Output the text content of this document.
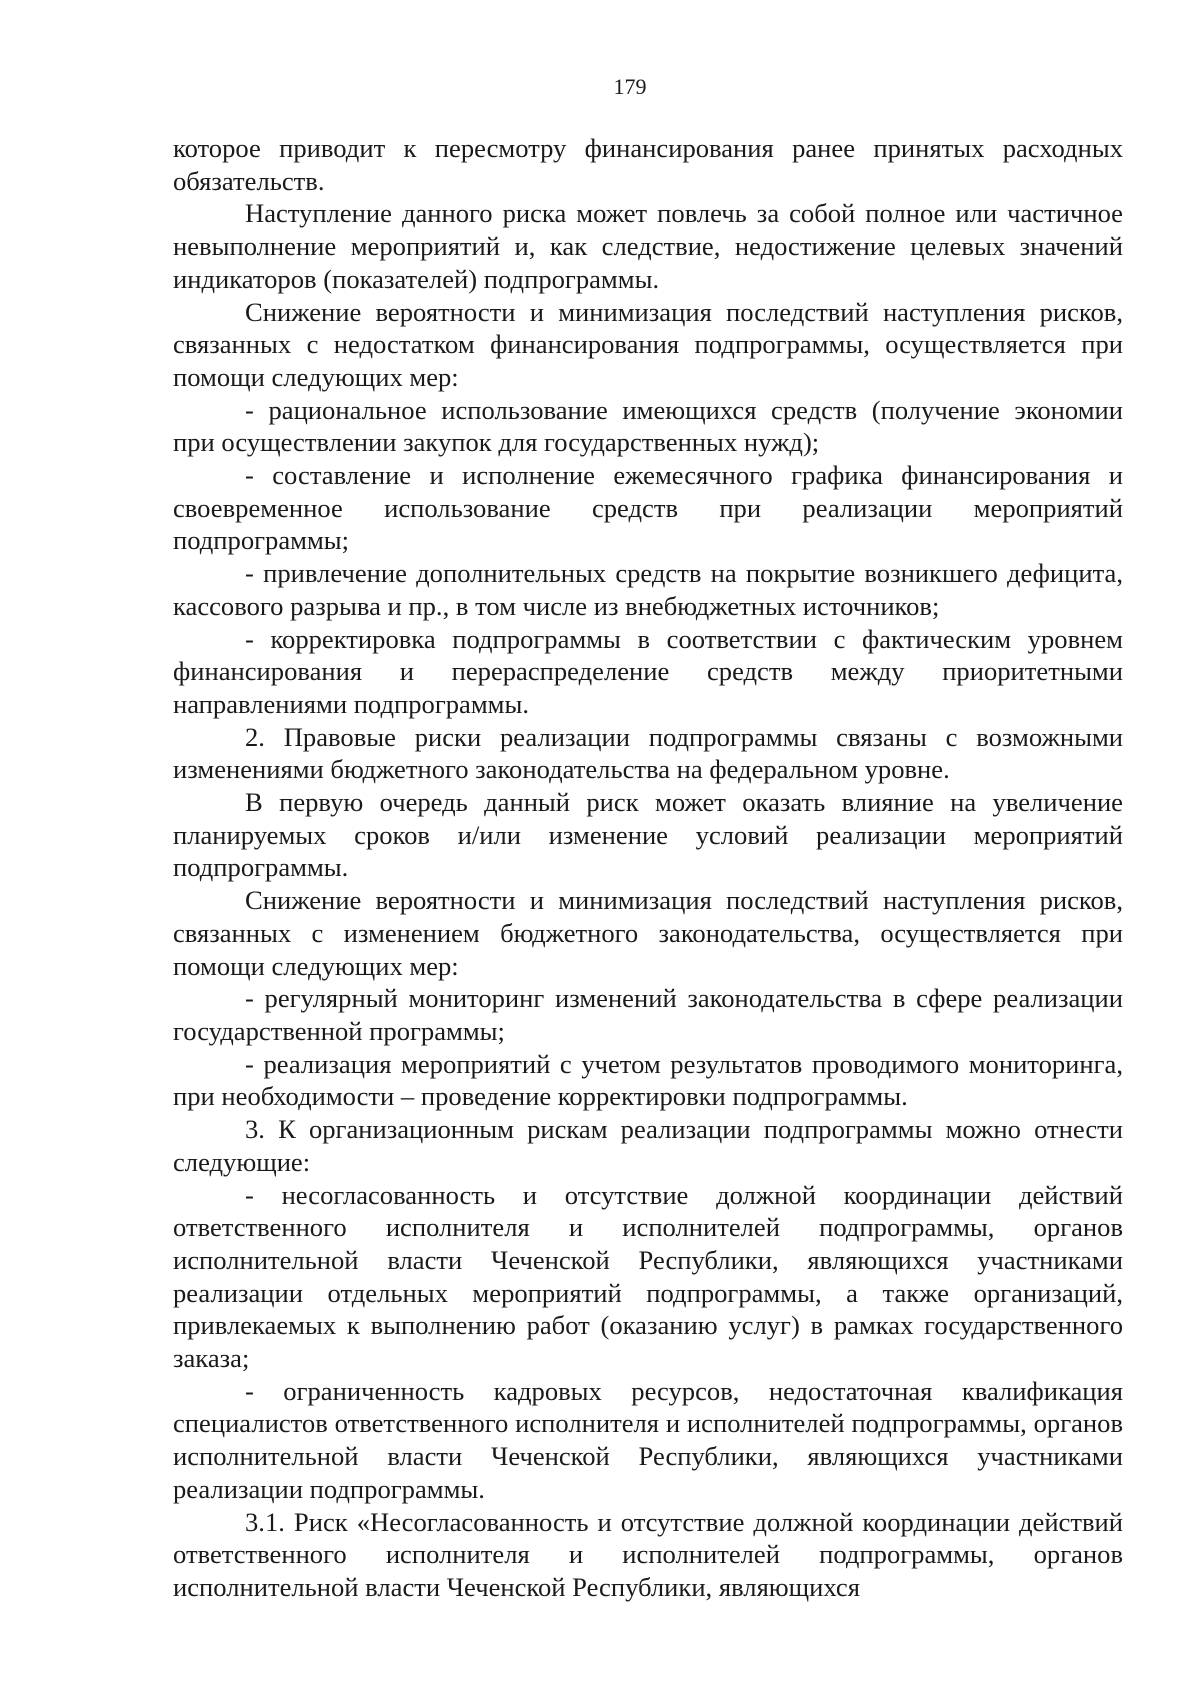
179

которое приводит к пересмотру финансирования ранее принятых расходных обязательств.

Наступление данного риска может повлечь за собой полное или частичное невыполнение мероприятий и, как следствие, недостижение целевых значений индикаторов (показателей) подпрограммы.

Снижение вероятности и минимизация последствий наступления рисков, связанных с недостатком финансирования подпрограммы, осуществляется при помощи следующих мер:

- рациональное использование имеющихся средств (получение экономии при осуществлении закупок для государственных нужд);

- составление и исполнение ежемесячного графика финансирования и своевременное использование средств при реализации мероприятий подпрограммы;

- привлечение дополнительных средств на покрытие возникшего дефицита, кассового разрыва и пр., в том числе из внебюджетных источников;

- корректировка подпрограммы в соответствии с фактическим уровнем финансирования и перераспределение средств между приоритетными направлениями подпрограммы.

2. Правовые риски реализации подпрограммы связаны с возможными изменениями бюджетного законодательства на федеральном уровне.

В первую очередь данный риск может оказать влияние на увеличение планируемых сроков и/или изменение условий реализации мероприятий подпрограммы.

Снижение вероятности и минимизация последствий наступления рисков, связанных с изменением бюджетного законодательства, осуществляется при помощи следующих мер:

- регулярный мониторинг изменений законодательства в сфере реализации государственной программы;

- реализация мероприятий с учетом результатов проводимого мониторинга, при необходимости – проведение корректировки подпрограммы.

3. К организационным рискам реализации подпрограммы можно отнести следующие:

- несогласованность и отсутствие должной координации действий ответственного исполнителя и исполнителей подпрограммы, органов исполнительной власти Чеченской Республики, являющихся участниками реализации отдельных мероприятий подпрограммы, а также организаций, привлекаемых к выполнению работ (оказанию услуг) в рамках государственного заказа;

- ограниченность кадровых ресурсов, недостаточная квалификация специалистов ответственного исполнителя и исполнителей подпрограммы, органов исполнительной власти Чеченской Республики, являющихся участниками реализации подпрограммы.

3.1. Риск «Несогласованность и отсутствие должной координации действий ответственного исполнителя и исполнителей подпрограммы, органов исполнительной власти Чеченской Республики, являющихся
